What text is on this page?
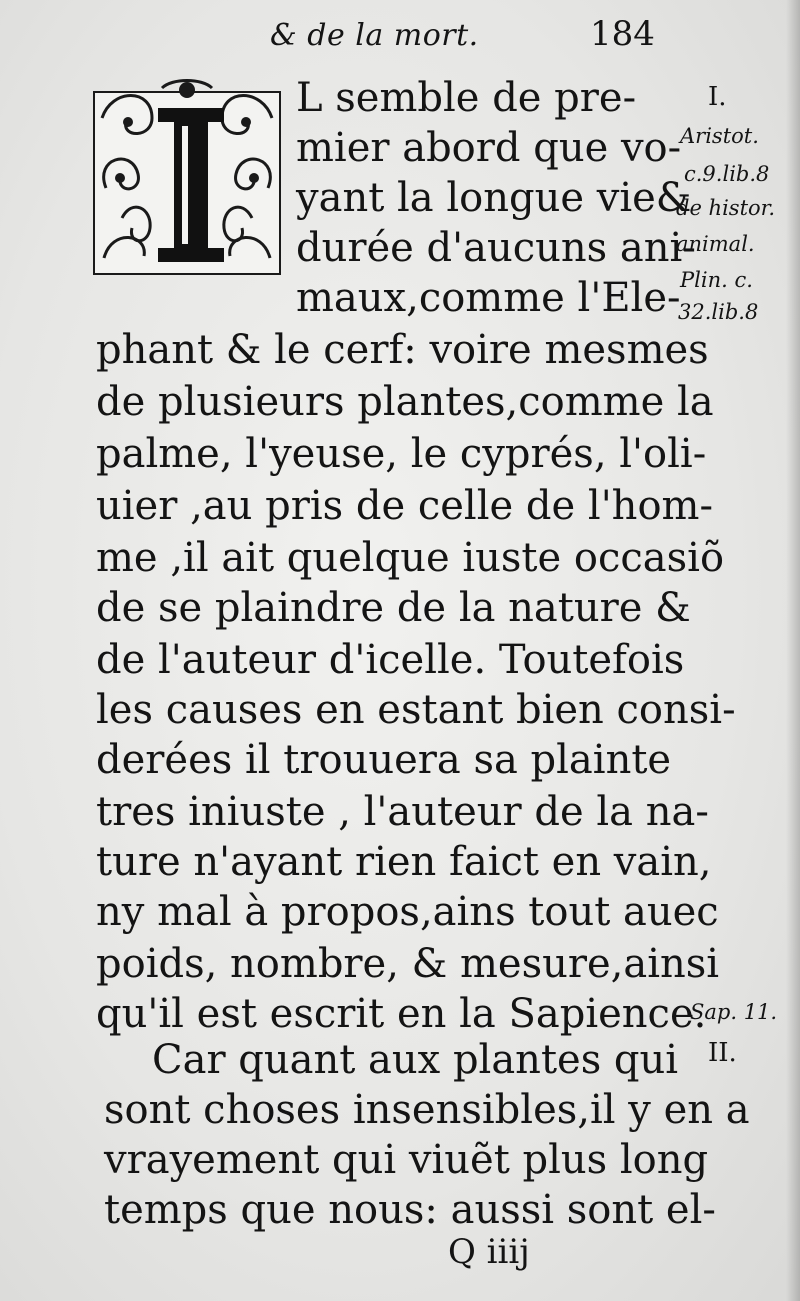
& de la mort.	184
L semble de pre-
mier abord que vo-
yant la longue vie&
durée d'aucuns ani-
maux,comme l'Ele-
phant & le cerf: voire mesmes
de plusieurs plantes,comme la
palme, l'yeuse, le cyprés, l'oli-
uier ,au pris de celle de l'hom-
me ,il ait quelque iuste occasiõ
de se plaindre de la nature &
de l'auteur d'icelle. Toutefois
les causes en estant bien consi-
derées il trouuera sa plainte
tres iniuste , l'auteur de la na-
ture n'ayant rien faict en vain,
ny mal à propos,ains tout auec
poids, nombre, & mesure,ainsi
qu'il est escrit en la Sapience.
Car quant aux plantes qui
sont choses insensibles,il y en a
vrayement qui viuẽt plus long
temps que nous: aussi sont el-
I.
Aristot.
c.9.lib.8
de histor.
animal.
Plin. c.
32.lib.8
Sap. 11.
II.
Q iiij
